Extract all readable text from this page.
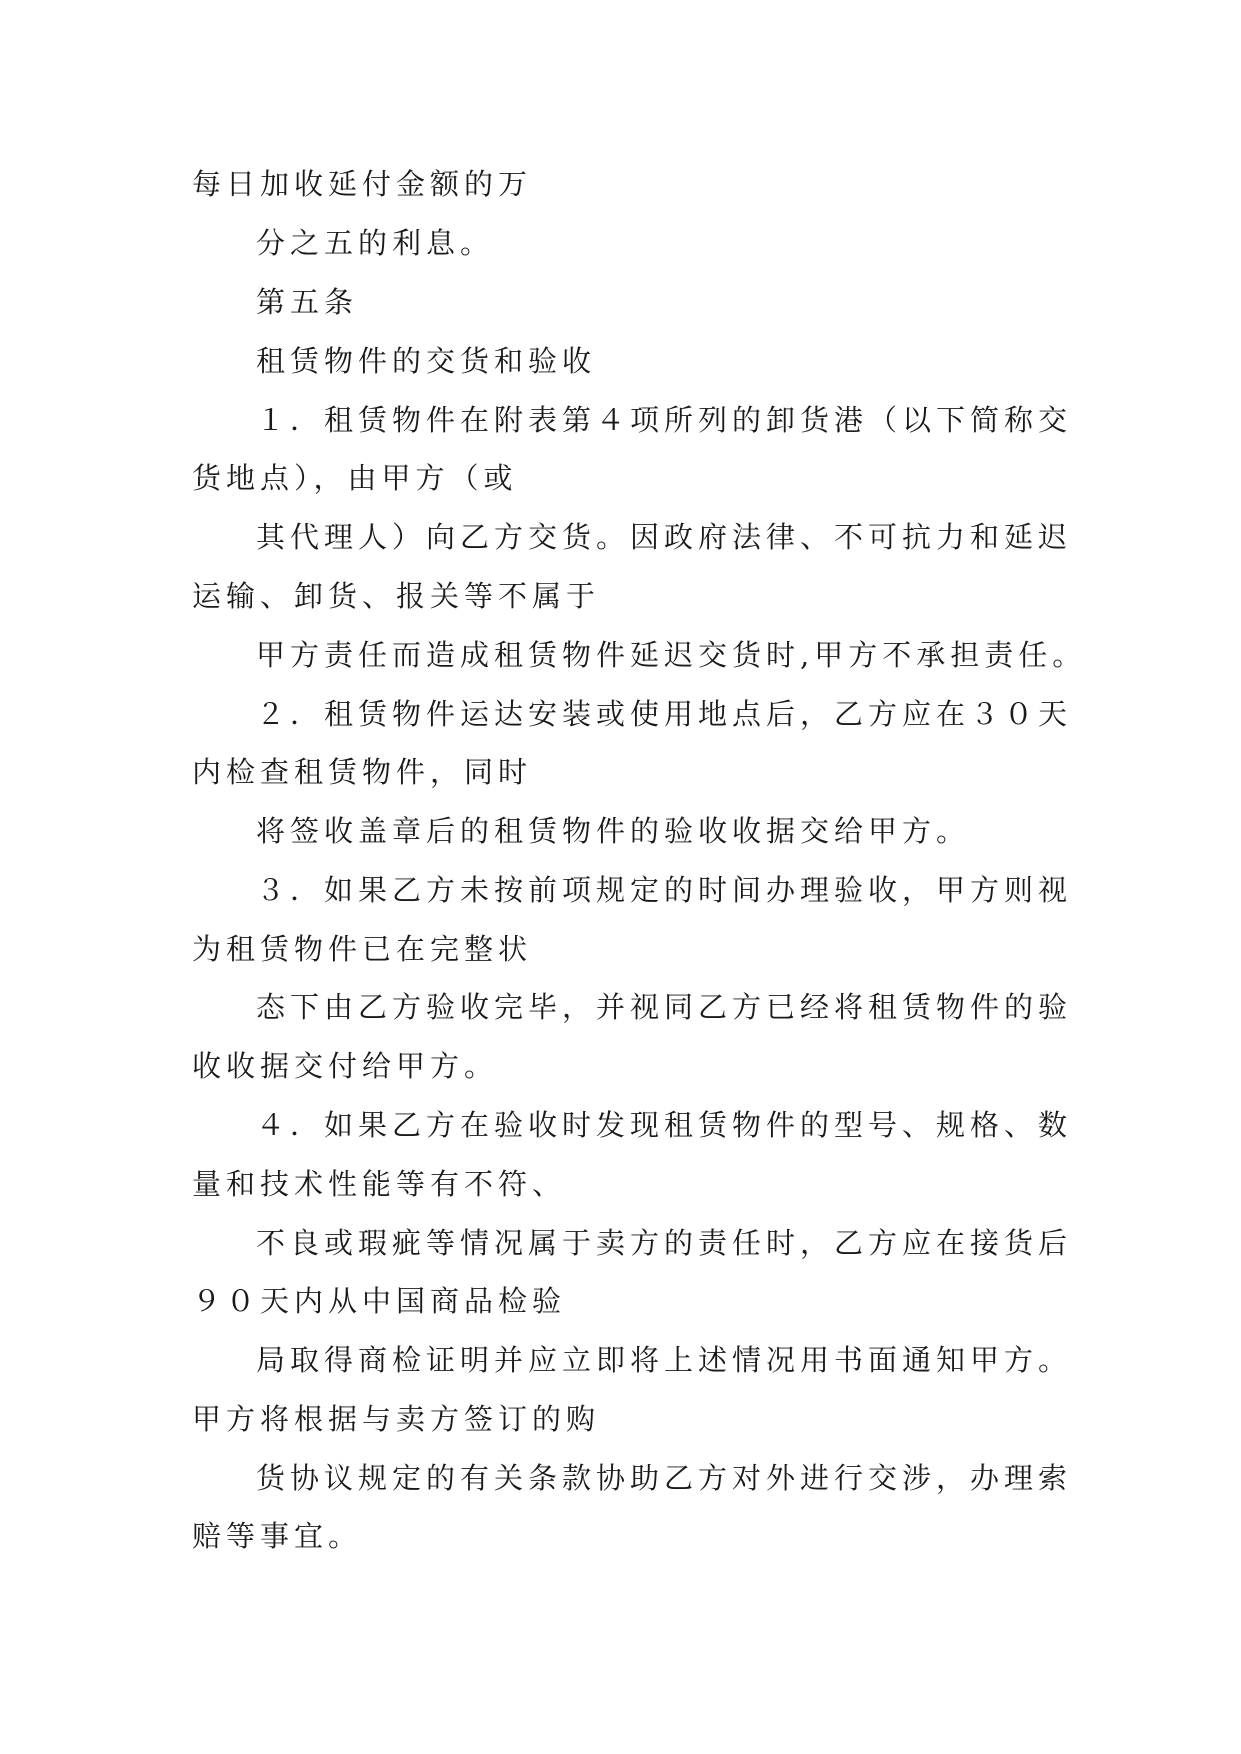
每日加收延付金额的万
分之五的利息。
第五条
租赁物件的交货和验收
１．租赁物件在附表第４项所列的卸货港（以下简称交
货地点），由甲方（或
其代理人）向乙方交货。因政府法律、不可抗力和延迟
运输、卸货、报关等不属于
甲方责任而造成租赁物件延迟交货时,甲方不承担责任。
２．租赁物件运达安装或使用地点后，乙方应在３０天
内检查租赁物件，同时
将签收盖章后的租赁物件的验收收据交给甲方。
３．如果乙方未按前项规定的时间办理验收，甲方则视
为租赁物件已在完整状
态下由乙方验收完毕，并视同乙方已经将租赁物件的验
收收据交付给甲方。
４．如果乙方在验收时发现租赁物件的型号、规格、数
量和技术性能等有不符、
不良或瑕疵等情况属于卖方的责任时，乙方应在接货后
９０天内从中国商品检验
局取得商检证明并应立即将上述情况用书面通知甲方。
甲方将根据与卖方签订的购
货协议规定的有关条款协助乙方对外进行交涉，办理索
赔等事宜。
